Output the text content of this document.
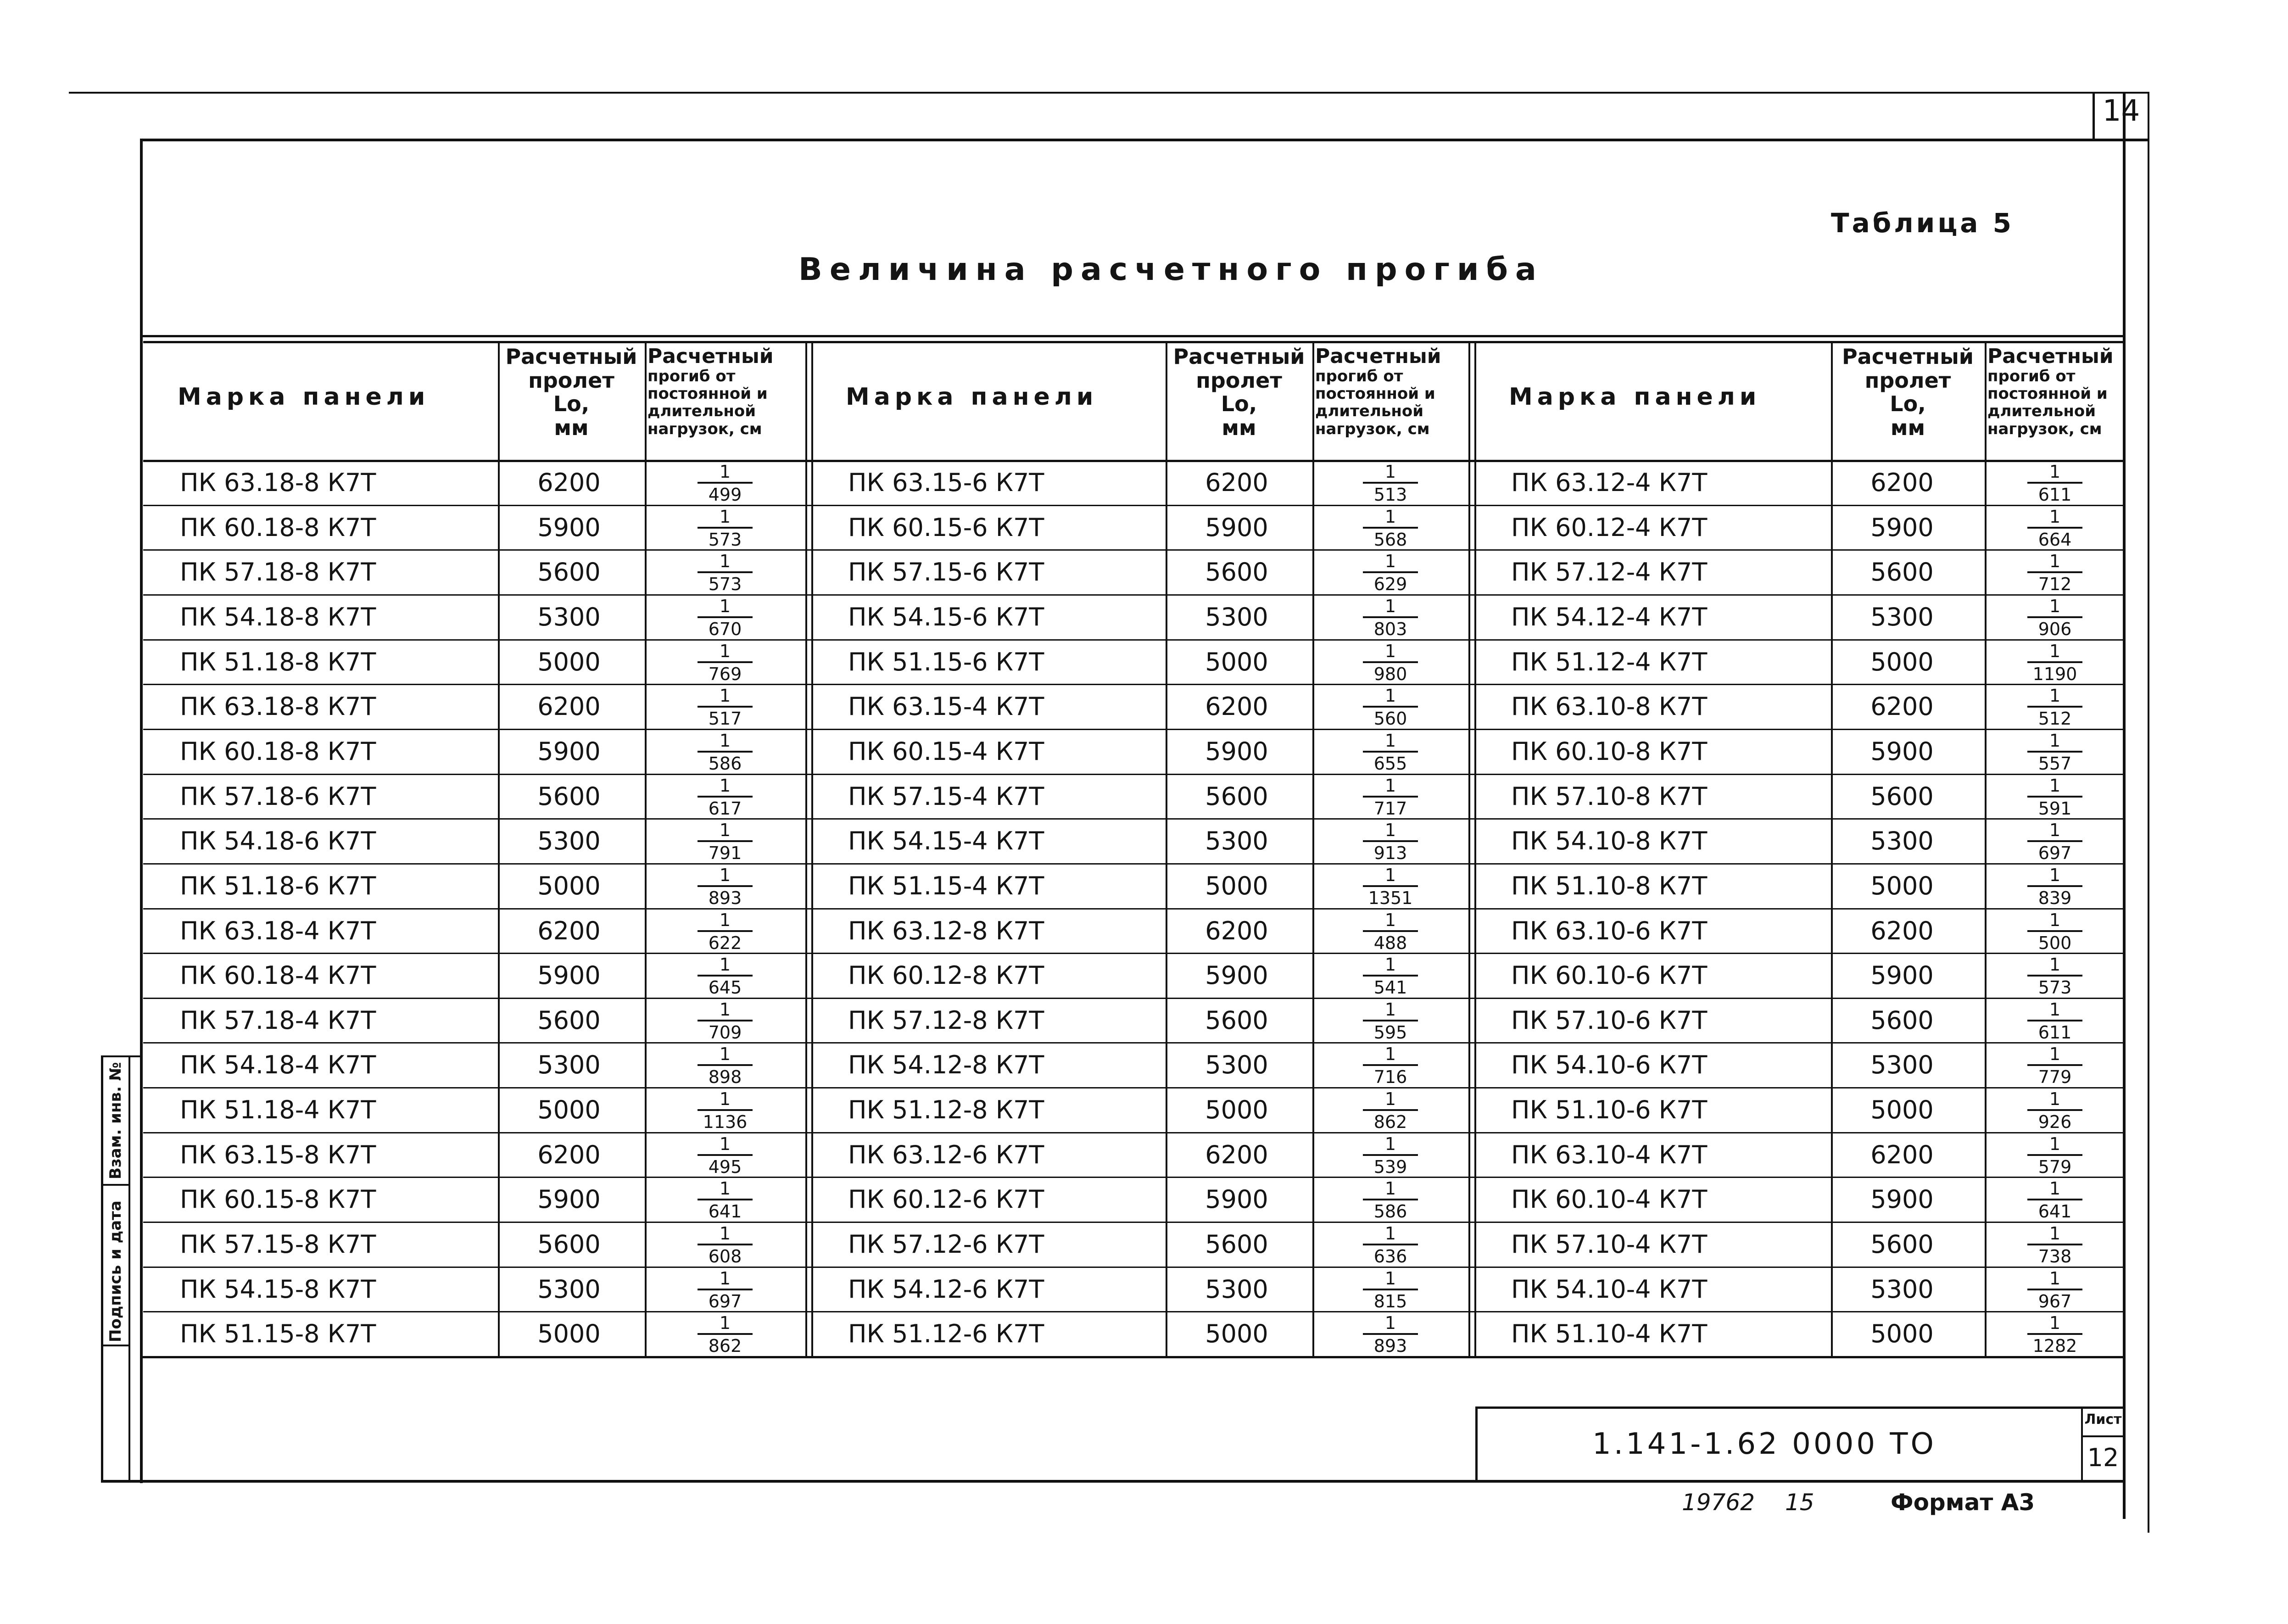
Взам. инв. №
Подпись и дата
14
Таблица 5
Величина расчетного прогиба
Марка панели
Расчетный
пролет
Lо,
мм
Расчетный
прогиб от
постоянной и
длительной
нагрузок, см
ПК 63.18-8 К7Т	6200	$\frac{1}{499}$
ПК 60.18-8 К7Т	5900	$\frac{1}{573}$
ПК 57.18-8 К7Т	5600	$\frac{1}{573}$
ПК 54.18-8 К7Т	5300	$\frac{1}{670}$
ПК 51.18-8 К7Т	5000	$\frac{1}{769}$
ПК 63.18-8 К7Т	6200	$\frac{1}{517}$
ПК 60.18-8 К7Т	5900	$\frac{1}{586}$
ПК 57.18-6 К7Т	5600	$\frac{1}{617}$
ПК 54.18-6 К7Т	5300	$\frac{1}{791}$
ПК 51.18-6 К7Т	5000	$\frac{1}{893}$
ПК 63.18-4 К7Т	6200	$\frac{1}{622}$
ПК 60.18-4 К7Т	5900	$\frac{1}{645}$
ПК 57.18-4 К7Т	5600	$\frac{1}{709}$
ПК 54.18-4 К7Т	5300	$\frac{1}{898}$
ПК 51.18-4 К7Т	5000	$\frac{1}{1136}$
ПК 63.15-8 К7Т	6200	$\frac{1}{495}$
ПК 60.15-8 К7Т	5900	$\frac{1}{641}$
ПК 57.15-8 К7Т	5600	$\frac{1}{608}$
ПК 54.15-8 К7Т	5300	$\frac{1}{697}$
ПК 51.15-8 К7Т	5000	$\frac{1}{862}$
Марка панели
Расчетный
пролет
Lо,
мм
Расчетный
прогиб от
постоянной и
длительной
нагрузок, см
ПК 63.15-6 К7Т	6200	$\frac{1}{513}$
ПК 60.15-6 К7Т	5900	$\frac{1}{568}$
ПК 57.15-6 К7Т	5600	$\frac{1}{629}$
ПК 54.15-6 К7Т	5300	$\frac{1}{803}$
ПК 51.15-6 К7Т	5000	$\frac{1}{980}$
ПК 63.15-4 К7Т	6200	$\frac{1}{560}$
ПК 60.15-4 К7Т	5900	$\frac{1}{655}$
ПК 57.15-4 К7Т	5600	$\frac{1}{717}$
ПК 54.15-4 К7Т	5300	$\frac{1}{913}$
ПК 51.15-4 К7Т	5000	$\frac{1}{1351}$
ПК 63.12-8 К7Т	6200	$\frac{1}{488}$
ПК 60.12-8 К7Т	5900	$\frac{1}{541}$
ПК 57.12-8 К7Т	5600	$\frac{1}{595}$
ПК 54.12-8 К7Т	5300	$\frac{1}{716}$
ПК 51.12-8 К7Т	5000	$\frac{1}{862}$
ПК 63.12-6 К7Т	6200	$\frac{1}{539}$
ПК 60.12-6 К7Т	5900	$\frac{1}{586}$
ПК 57.12-6 К7Т	5600	$\frac{1}{636}$
ПК 54.12-6 К7Т	5300	$\frac{1}{815}$
ПК 51.12-6 К7Т	5000	$\frac{1}{893}$
Марка панели
Расчетный
пролет
Lо,
мм
Расчетный
прогиб от
постоянной и
длительной
нагрузок, см
ПК 63.12-4 К7Т	6200	$\frac{1}{611}$
ПК 60.12-4 К7Т	5900	$\frac{1}{664}$
ПК 57.12-4 К7Т	5600	$\frac{1}{712}$
ПК 54.12-4 К7Т	5300	$\frac{1}{906}$
ПК 51.12-4 К7Т	5000	$\frac{1}{1190}$
ПК 63.10-8 К7Т	6200	$\frac{1}{512}$
ПК 60.10-8 К7Т	5900	$\frac{1}{557}$
ПК 57.10-8 К7Т	5600	$\frac{1}{591}$
ПК 54.10-8 К7Т	5300	$\frac{1}{697}$
ПК 51.10-8 К7Т	5000	$\frac{1}{839}$
ПК 63.10-6 К7Т	6200	$\frac{1}{500}$
ПК 60.10-6 К7Т	5900	$\frac{1}{573}$
ПК 57.10-6 К7Т	5600	$\frac{1}{611}$
ПК 54.10-6 К7Т	5300	$\frac{1}{779}$
ПК 51.10-6 К7Т	5000	$\frac{1}{926}$
ПК 63.10-4 К7Т	6200	$\frac{1}{579}$
ПК 60.10-4 К7Т	5900	$\frac{1}{641}$
ПК 57.10-4 К7Т	5600	$\frac{1}{738}$
ПК 54.10-4 К7Т	5300	$\frac{1}{967}$
ПК 51.10-4 К7Т	5000	$\frac{1}{1282}$
1.141-1.62 0000 ТО
Лист
12
19762 15	Формат А3
